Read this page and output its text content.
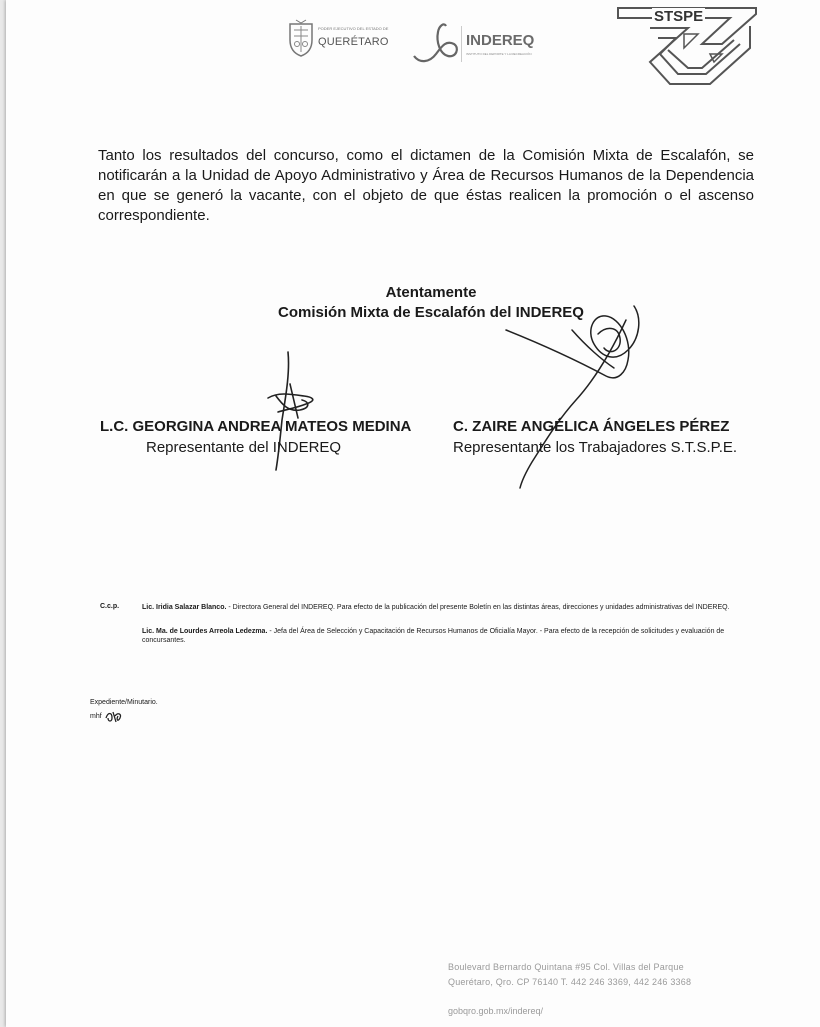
PODER EJECUTIVO DEL ESTADO DE
QUERÉTARO	INDEREQ
INSTITUTO DEL DEPORTE Y LA RECREACIÓN
STSPE
Tanto los resultados del concurso, como el dictamen de la Comisión Mixta de Escalafón, se notificarán a la Unidad de Apoyo Administrativo y Área de Recursos Humanos de la Dependencia en que se generó la vacante, con el objeto de que éstas realicen la promoción o el ascenso correspondiente.
Atentamente
Comisión Mixta de Escalafón del INDEREQ
L.C. GEORGINA ANDREA MATEOS MEDINA
Representante del INDEREQ
C. ZAIRE ANGÉLICA ÁNGELES PÉREZ
Representante los Trabajadores S.T.S.P.E.
C.c.p.	Lic. Iridia Salazar Blanco. - Directora General del INDEREQ. Para efecto de la publicación del presente Boletín en las distintas áreas, direcciones y unidades administrativas del INDEREQ.
Lic. Ma. de Lourdes Arreola Ledezma. - Jefa del Área de Selección y Capacitación de Recursos Humanos de Oficialía Mayor. - Para efecto de la recepción de solicitudes y evaluación de concursantes.
Expediente/Minutario.
mhf
Boulevard Bernardo Quintana #95 Col. Villas del Parque
Querétaro, Qro. CP 76140 T. 442 246 3369, 442 246 3368
gobqro.gob.mx/indereq/
